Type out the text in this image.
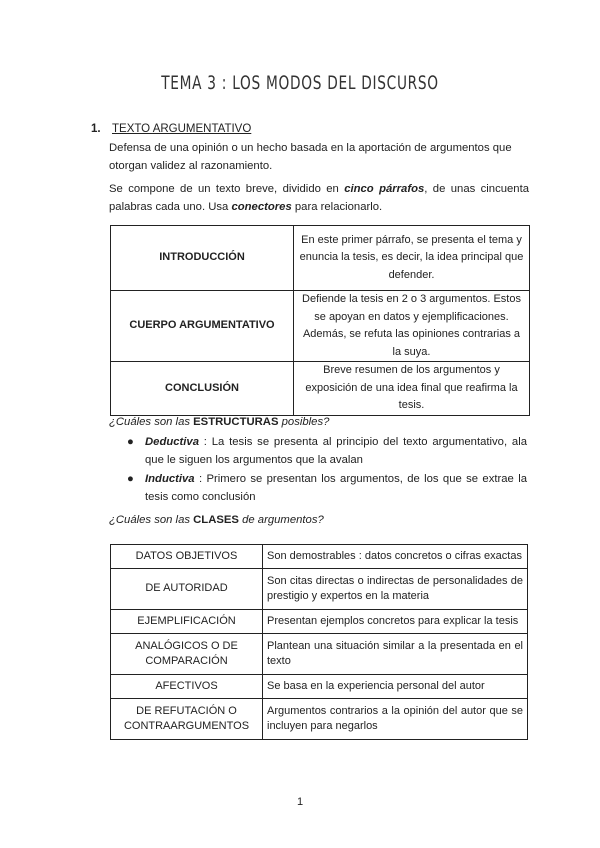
TEMA 3 : LOS MODOS DEL DISCURSO
1. TEXTO ARGUMENTATIVO
Defensa de una opinión o un hecho basada en la aportación de argumentos que otorgan validez al razonamiento.
Se compone de un texto breve, dividido en cinco párrafos, de unas cincuenta palabras cada uno. Usa conectores para relacionarlo.
INTRODUCCIÓN	En este primer párrafo, se presenta el tema y enuncia la tesis, es decir, la idea principal que defender.
CUERPO ARGUMENTATIVO	Defiende la tesis en 2 o 3 argumentos. Estos se apoyan en datos y ejemplificaciones. Además, se refuta las opiniones contrarias a la suya.
CONCLUSIÓN	Breve resumen de los argumentos y exposición de una idea final que reafirma la tesis.
¿Cuáles son las ESTRUCTURAS posibles?
● Deductiva : La tesis se presenta al principio del texto argumentativo, ala que le siguen los argumentos que la avalan
● Inductiva : Primero se presentan los argumentos, de los que se extrae la tesis como conclusión
¿Cuáles son las CLASES de argumentos?
DATOS OBJETIVOS	Son demostrables : datos concretos o cifras exactas
DE AUTORIDAD	Son citas directas o indirectas de personalidades de prestigio y expertos en la materia
EJEMPLIFICACIÓN	Presentan ejemplos concretos para explicar la tesis
ANALÓGICOS O DE COMPARACIÓN	Plantean una situación similar a la presentada en el texto
AFECTIVOS	Se basa en la experiencia personal del autor
DE REFUTACIÓN O CONTRAARGUMENTOS	Argumentos contrarios a la opinión del autor que se incluyen para negarlos
1
